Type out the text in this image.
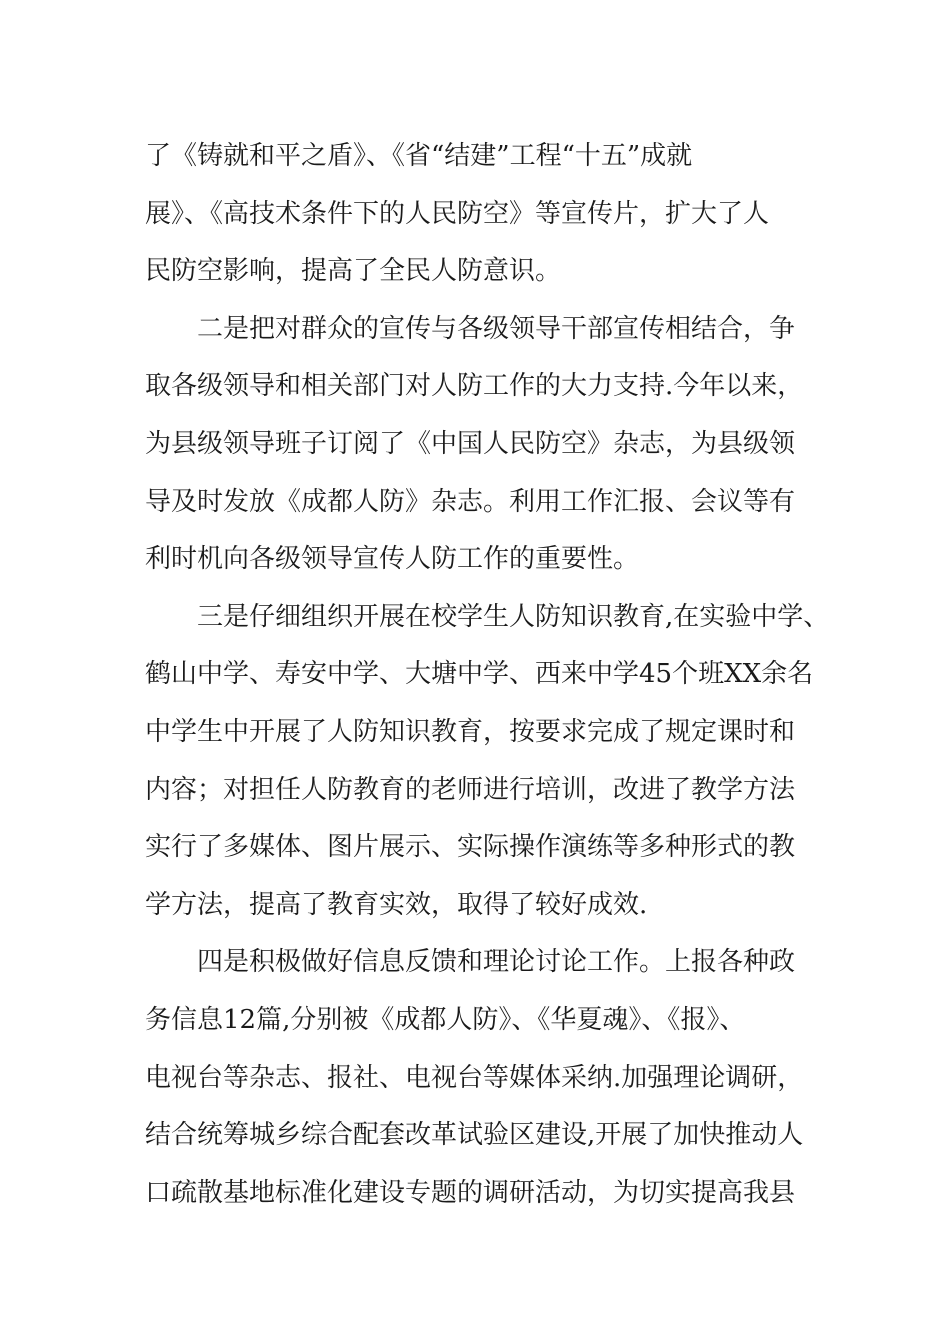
了《铸就和平之盾》、《省“结建”工程“十五”成就
展》、《高技术条件下的人民防空》等宣传片，扩大了人
民防空影响，提高了全民人防意识。
二是把对群众的宣传与各级领导干部宣传相结合，争
取各级领导和相关部门对人防工作的大力支持.今年以来，
为县级领导班子订阅了《中国人民防空》杂志，为县级领
导及时发放《成都人防》杂志。利用工作汇报、会议等有
利时机向各级领导宣传人防工作的重要性。
三是仔细组织开展在校学生人防知识教育,在实验中学、
鹤山中学、寿安中学、大塘中学、西来中学45个班XX余名
中学生中开展了人防知识教育，按要求完成了规定课时和
内容；对担任人防教育的老师进行培训，改进了教学方法
实行了多媒体、图片展示、实际操作演练等多种形式的教
学方法，提高了教育实效，取得了较好成效.
四是积极做好信息反馈和理论讨论工作。上报各种政
务信息12篇,分别被《成都人防》、《华夏魂》、《报》、
电视台等杂志、报社、电视台等媒体采纳.加强理论调研，
结合统筹城乡综合配套改革试验区建设,开展了加快推动人
口疏散基地标准化建设专题的调研活动，为切实提高我县
